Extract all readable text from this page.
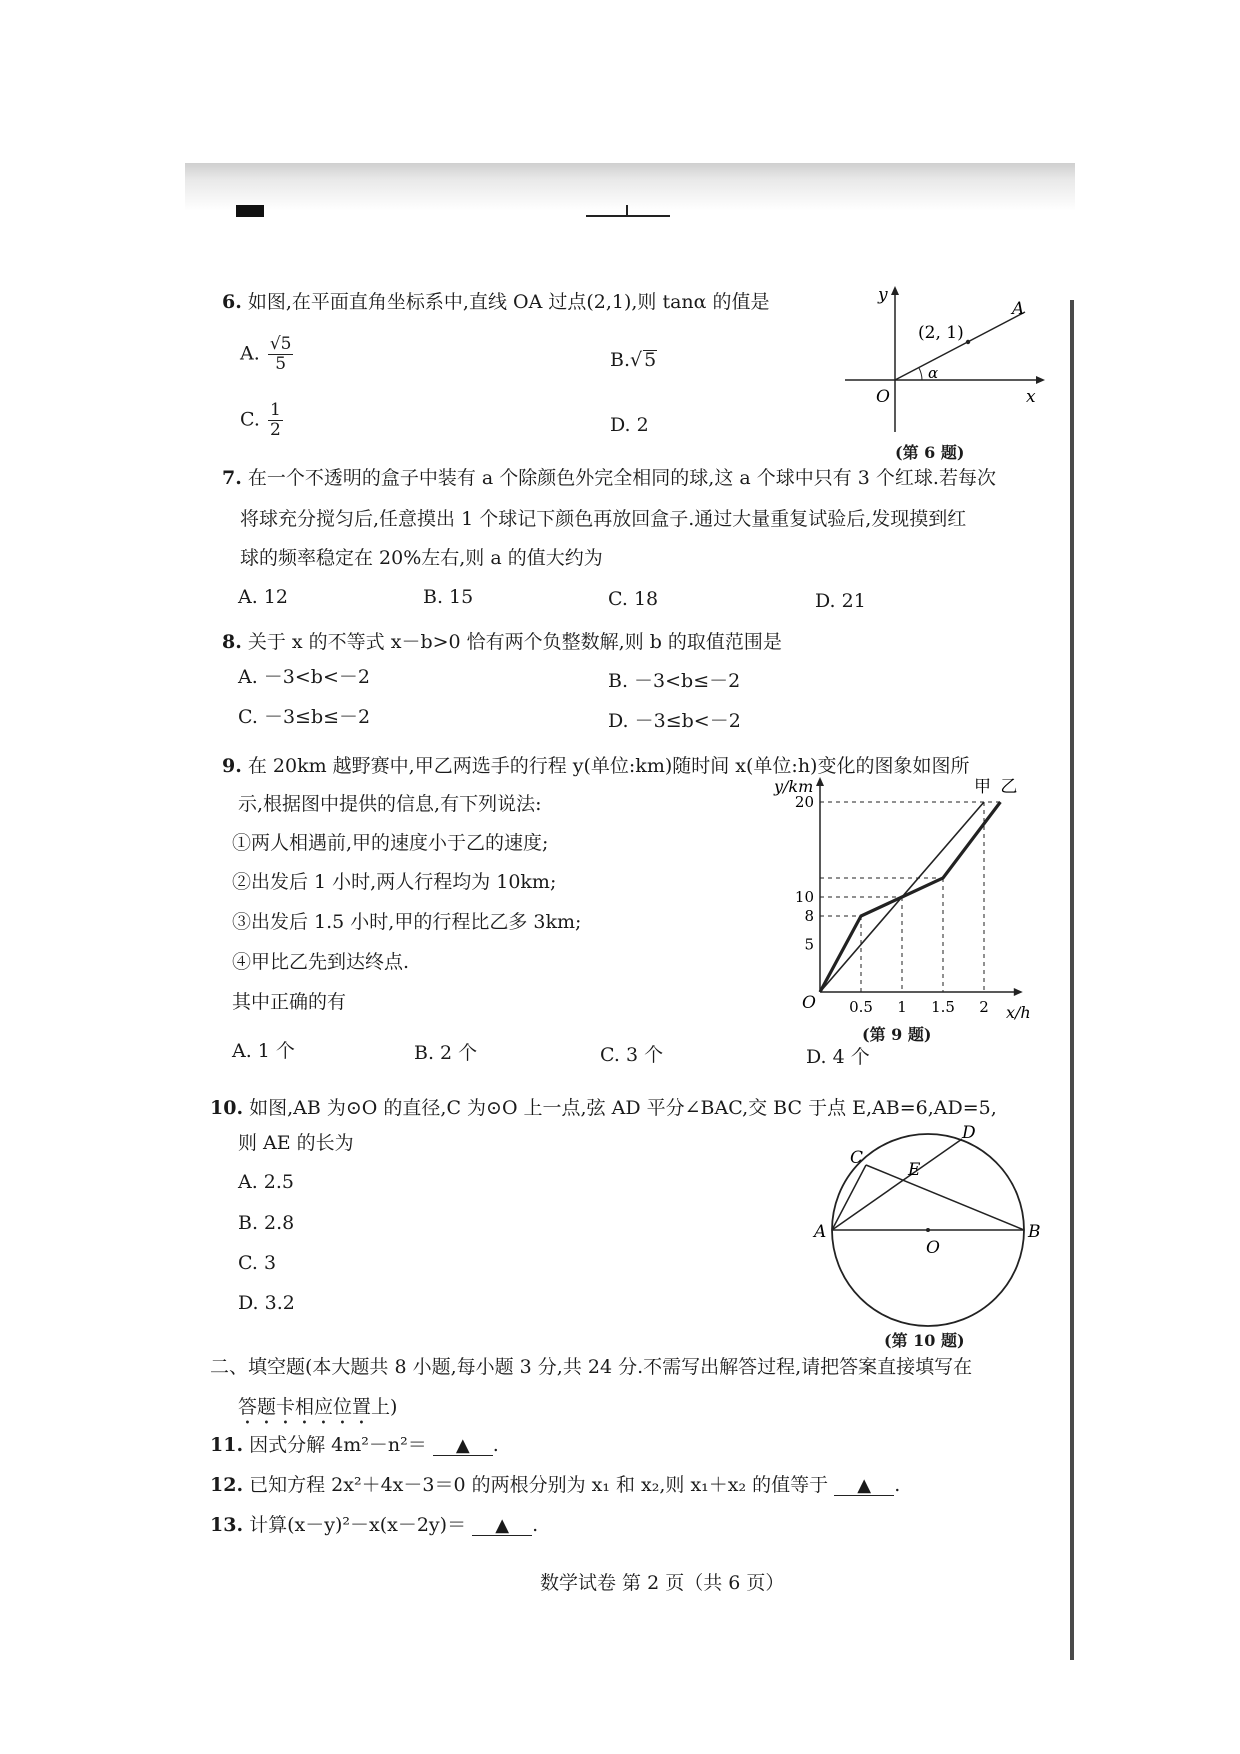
6. 如图,在平面直角坐标系中,直线 OA 过点(2,1),则 tanα 的值是
A. $\frac{√5}{5}$	B.√ 5
C. $\frac{1}{2}$	D. 2
y
x
O
A
(2, 1)
α
(第 6 题)
7. 在一个不透明的盒子中装有 a 个除颜色外完全相同的球,这 a 个球中只有 3 个红球.若每次
将球充分搅匀后,任意摸出 1 个球记下颜色再放回盒子.通过大量重复试验后,发现摸到红
球的频率稳定在 20%左右,则 a 的值大约为
A. 12	B. 15	C. 18	D. 21
8. 关于 x 的不等式 x－b>0 恰有两个负整数解,则 b 的取值范围是
A. －3<b<－2	B. －3<b≤－2
C. －3≤b≤－2	D. －3≤b<－2
9. 在 20km 越野赛中,甲乙两选手的行程 y(单位:km)随时间 x(单位:h)变化的图象如图所
示,根据图中提供的信息,有下列说法:
①两人相遇前,甲的速度小于乙的速度;
②出发后 1 小时,两人行程均为 10km;
③出发后 1.5 小时,甲的行程比乙多 3km;
④甲比乙先到达终点.
其中正确的有
A. 1 个	B. 2 个	C. 3 个	D. 4 个
y/km
x/h
O
甲 乙
0.5 1 1.5 2
5
8
10
20
(第 9 题)
10. 如图,AB 为⊙O 的直径,C 为⊙O 上一点,弦 AD 平分∠BAC,交 BC 于点 E,AB=6,AD=5,
则 AE 的长为
A. 2.5
B. 2.8
C. 3
D. 3.2
A	B
C
D
E
O
(第 10 题)
二、填空题(本大题共 8 小题,每小题 3 分,共 24 分.不需写出解答过程,请把答案直接填写在
答题卡相应位置上)
11. 因式分解 4m²－n²＝ ▲ .
12. 已知方程 2x²＋4x－3＝0 的两根分别为 x₁ 和 x₂,则 x₁＋x₂ 的值等于 ▲ .
13. 计算(x－y)²－x(x－2y)＝ ▲ .
数学试卷 第 2 页（共 6 页）
